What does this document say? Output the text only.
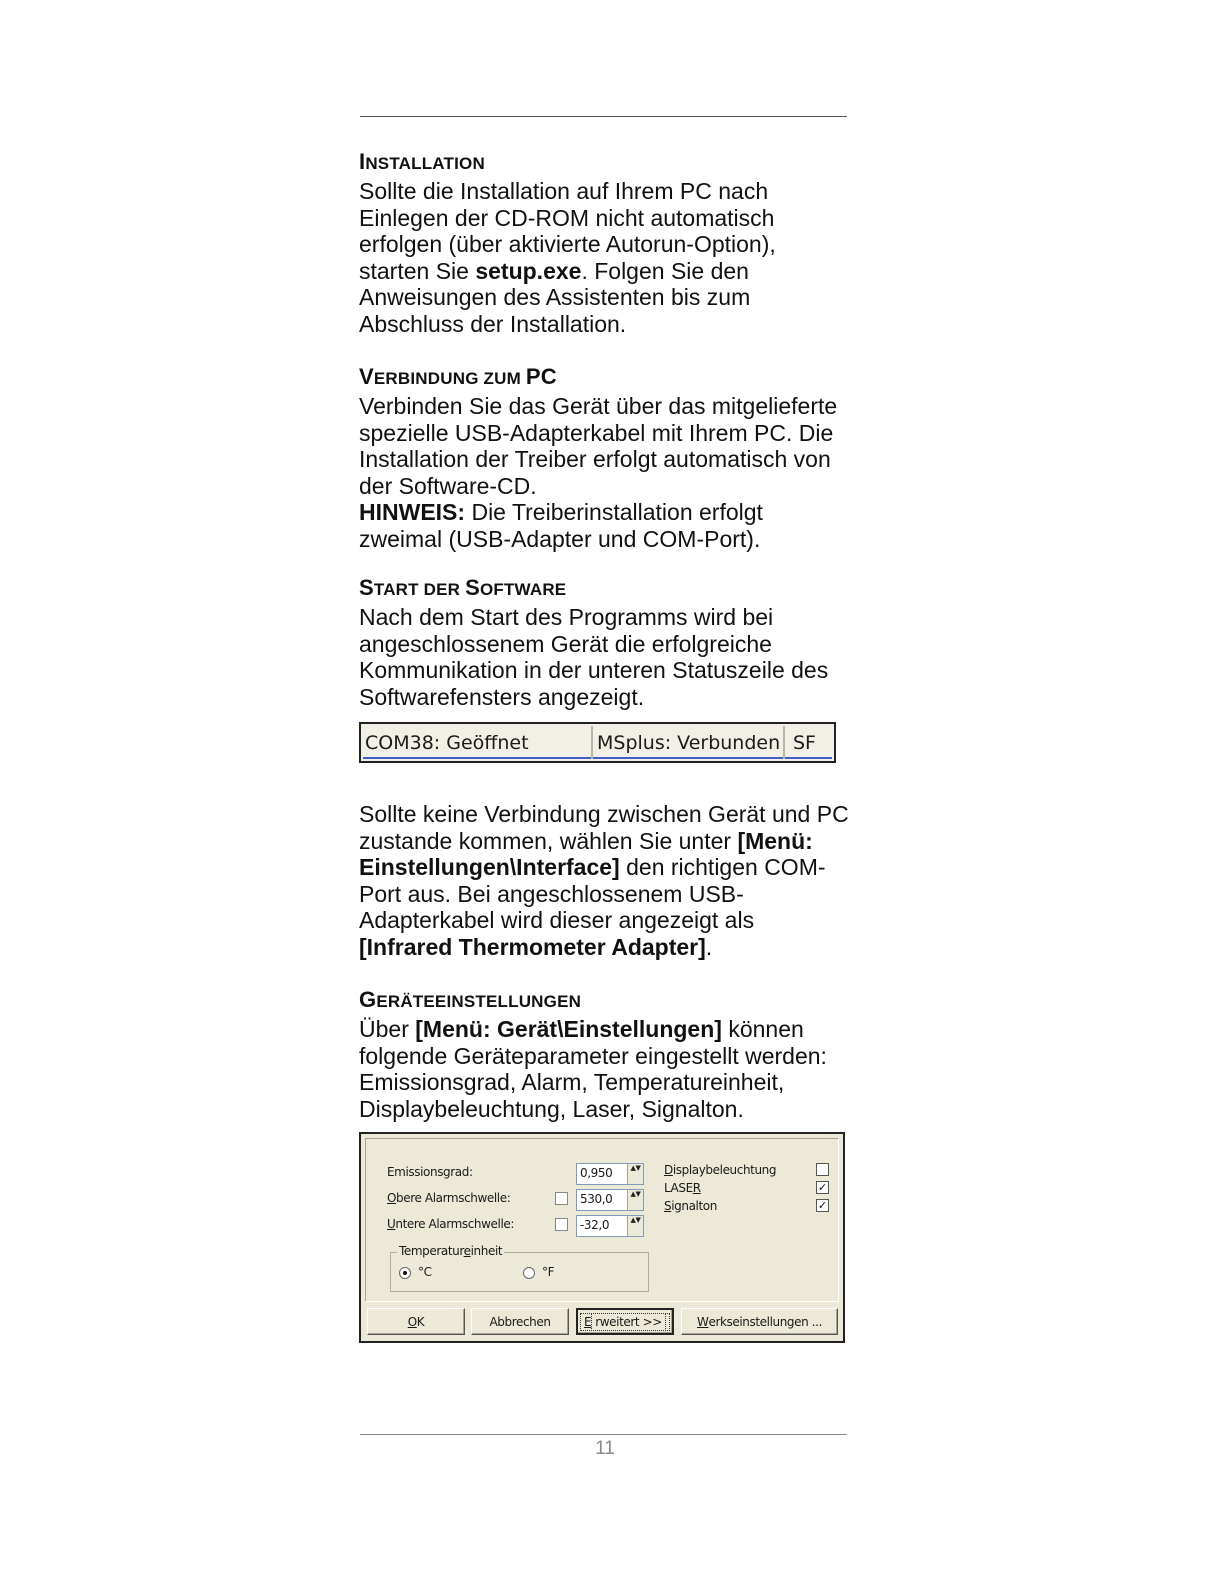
INSTALLATION

Sollte die Installation auf Ihrem PC nach Einlegen der CD-ROM nicht automatisch erfolgen (über aktivierte Autorun-Option), starten Sie setup.exe. Folgen Sie den Anweisungen des Assistenten bis zum Abschluss der Installation.

VERBINDUNG ZUM PC

Verbinden Sie das Gerät über das mitgelieferte spezielle USB-Adapterkabel mit Ihrem PC. Die Installation der Treiber erfolgt automatisch von der Software-CD.

HINWEIS: Die Treiberinstallation erfolgt zweimal (USB-Adapter und COM-Port).

START DER SOFTWARE

Nach dem Start des Programms wird bei angeschlossenem Gerät die erfolgreiche Kommunikation in der unteren Statuszeile des Softwarefensters angezeigt.

COM38: Geöffnet	MSplus: Verbunden SF

Sollte keine Verbindung zwischen Gerät und PC zustande kommen, wählen Sie unter [Menü: Einstellungen\Interface] den richtigen COM-Port aus. Bei angeschlossenem USB-Adapterkabel wird dieser angezeigt als [Infrared Thermometer Adapter].

GERÄTEEINSTELLUNGEN

Über [Menü: Gerät\Einstellungen] können folgende Geräteparameter eingestellt werden: Emissionsgrad, Alarm, Temperatureinheit, Displaybeleuchtung, Laser, Signalton.

Emissionsgrad:	0,950	▲▼
Obere Alarmschwelle:	530,0	▲▼
Untere Alarmschwelle:	-32,0	▲▼
Displaybeleuchtung
LASER	✓
Signalton	✓
Temperatureinheit
°C	°F
O K	Abbrechen	E rweitert >>	W erkseinstellungen ...
11
